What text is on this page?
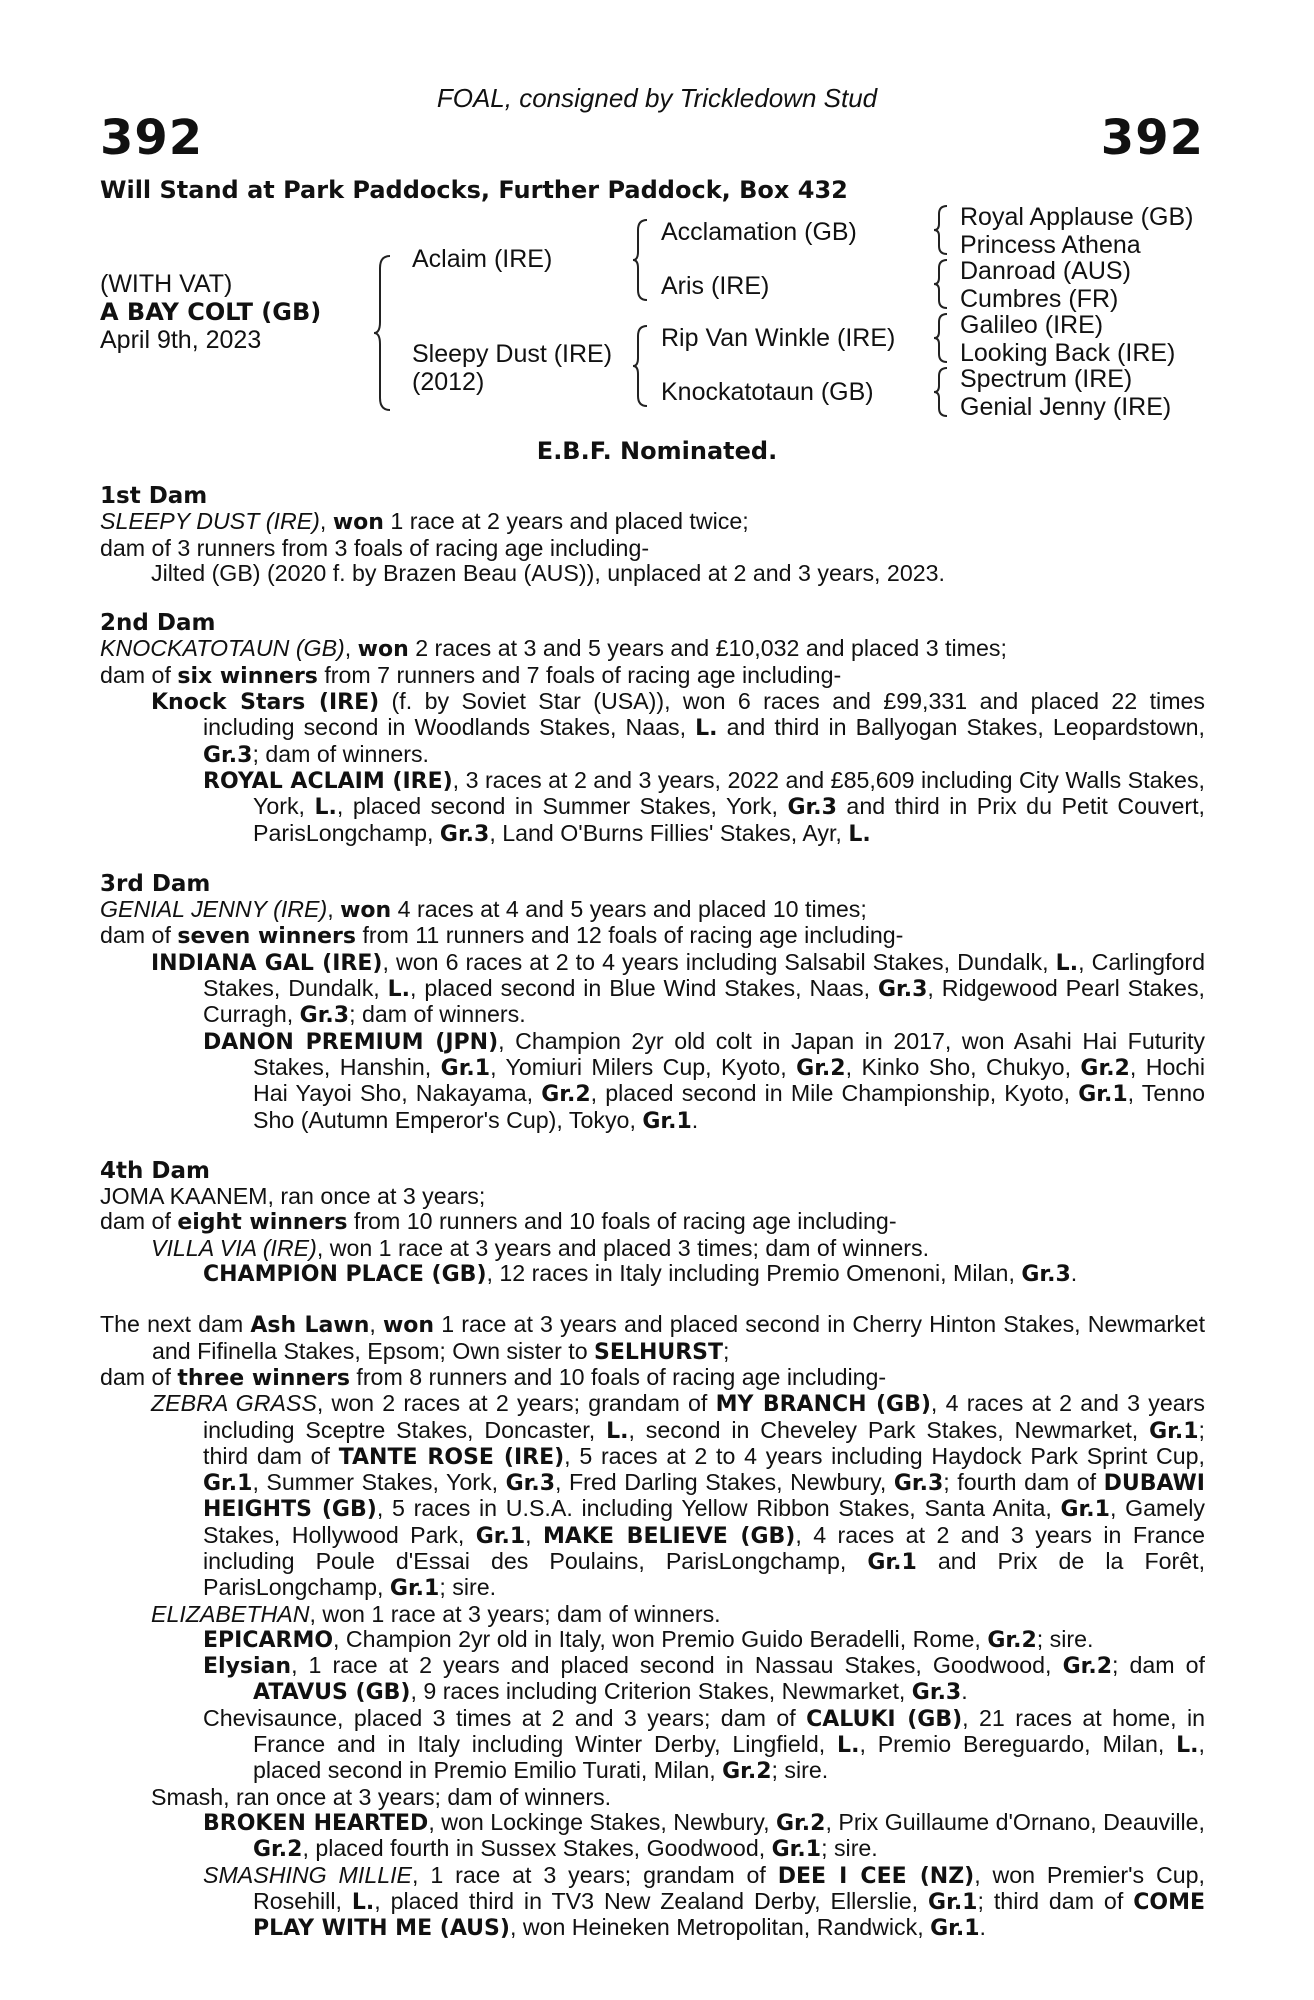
FOAL, consigned by Trickledown Stud
392	392
Will Stand at Park Paddocks, Further Paddock, Box 432
(WITH VAT)
A BAY COLT (GB)
April 9th, 2023
Aclaim (IRE)
Sleepy Dust (IRE)
(2012)
Acclamation (GB)
Aris (IRE)
Rip Van Winkle (IRE)
Knockatotaun (GB)
Royal Applause (GB)
Princess Athena
Danroad (AUS)
Cumbres (FR)
Galileo (IRE)
Looking Back (IRE)
Spectrum (IRE)
Genial Jenny (IRE)
E.B.F. Nominated.
1st Dam
SLEEPY DUST (IRE), won 1 race at 2 years and placed twice;
dam of 3 runners from 3 foals of racing age including-
Jilted (GB) (2020 f. by Brazen Beau (AUS)), unplaced at 2 and 3 years, 2023.
2nd Dam
KNOCKATOTAUN (GB), won 2 races at 3 and 5 years and £10,032 and placed 3 times;
dam of six winners from 7 runners and 7 foals of racing age including-
Knock Stars (IRE) (f. by Soviet Star (USA)), won 6 races and £99,331 and placed 22 times including second in Woodlands Stakes, Naas, L. and third in Ballyogan Stakes, Leopardstown, Gr.3; dam of winners.
ROYAL ACLAIM (IRE), 3 races at 2 and 3 years, 2022 and £85,609 including City Walls Stakes, York, L., placed second in Summer Stakes, York, Gr.3 and third in Prix du Petit Couvert, ParisLongchamp, Gr.3, Land O'Burns Fillies' Stakes, Ayr, L.
3rd Dam
GENIAL JENNY (IRE), won 4 races at 4 and 5 years and placed 10 times;
dam of seven winners from 11 runners and 12 foals of racing age including-
INDIANA GAL (IRE), won 6 races at 2 to 4 years including Salsabil Stakes, Dundalk, L., Carlingford Stakes, Dundalk, L., placed second in Blue Wind Stakes, Naas, Gr.3, Ridgewood Pearl Stakes, Curragh, Gr.3; dam of winners.
DANON PREMIUM (JPN), Champion 2yr old colt in Japan in 2017, won Asahi Hai Futurity Stakes, Hanshin, Gr.1, Yomiuri Milers Cup, Kyoto, Gr.2, Kinko Sho, Chukyo, Gr.2, Hochi Hai Yayoi Sho, Nakayama, Gr.2, placed second in Mile Championship, Kyoto, Gr.1, Tenno Sho (Autumn Emperor's Cup), Tokyo, Gr.1.
4th Dam
JOMA KAANEM, ran once at 3 years;
dam of eight winners from 10 runners and 10 foals of racing age including-
VILLA VIA (IRE), won 1 race at 3 years and placed 3 times; dam of winners.
CHAMPION PLACE (GB), 12 races in Italy including Premio Omenoni, Milan, Gr.3.
The next dam Ash Lawn, won 1 race at 3 years and placed second in Cherry Hinton Stakes, Newmarket and Fifinella Stakes, Epsom; Own sister to SELHURST;
dam of three winners from 8 runners and 10 foals of racing age including-
ZEBRA GRASS, won 2 races at 2 years; grandam of MY BRANCH (GB), 4 races at 2 and 3 years including Sceptre Stakes, Doncaster, L., second in Cheveley Park Stakes, Newmarket, Gr.1; third dam of TANTE ROSE (IRE), 5 races at 2 to 4 years including Haydock Park Sprint Cup, Gr.1, Summer Stakes, York, Gr.3, Fred Darling Stakes, Newbury, Gr.3; fourth dam of DUBAWI HEIGHTS (GB), 5 races in U.S.A. including Yellow Ribbon Stakes, Santa Anita, Gr.1, Gamely Stakes, Hollywood Park, Gr.1, MAKE BELIEVE (GB), 4 races at 2 and 3 years in France including Poule d'Essai des Poulains, ParisLongchamp, Gr.1 and Prix de la Forêt, ParisLongchamp, Gr.1; sire.
ELIZABETHAN, won 1 race at 3 years; dam of winners.
EPICARMO, Champion 2yr old in Italy, won Premio Guido Beradelli, Rome, Gr.2; sire.
Elysian, 1 race at 2 years and placed second in Nassau Stakes, Goodwood, Gr.2; dam of ATAVUS (GB), 9 races including Criterion Stakes, Newmarket, Gr.3.
Chevisaunce, placed 3 times at 2 and 3 years; dam of CALUKI (GB), 21 races at home, in France and in Italy including Winter Derby, Lingfield, L., Premio Bereguardo, Milan, L., placed second in Premio Emilio Turati, Milan, Gr.2; sire.
Smash, ran once at 3 years; dam of winners.
BROKEN HEARTED, won Lockinge Stakes, Newbury, Gr.2, Prix Guillaume d'Ornano, Deauville, Gr.2, placed fourth in Sussex Stakes, Goodwood, Gr.1; sire.
SMASHING MILLIE, 1 race at 3 years; grandam of DEE I CEE (NZ), won Premier's Cup, Rosehill, L., placed third in TV3 New Zealand Derby, Ellerslie, Gr.1; third dam of COME PLAY WITH ME (AUS), won Heineken Metropolitan, Randwick, Gr.1.
